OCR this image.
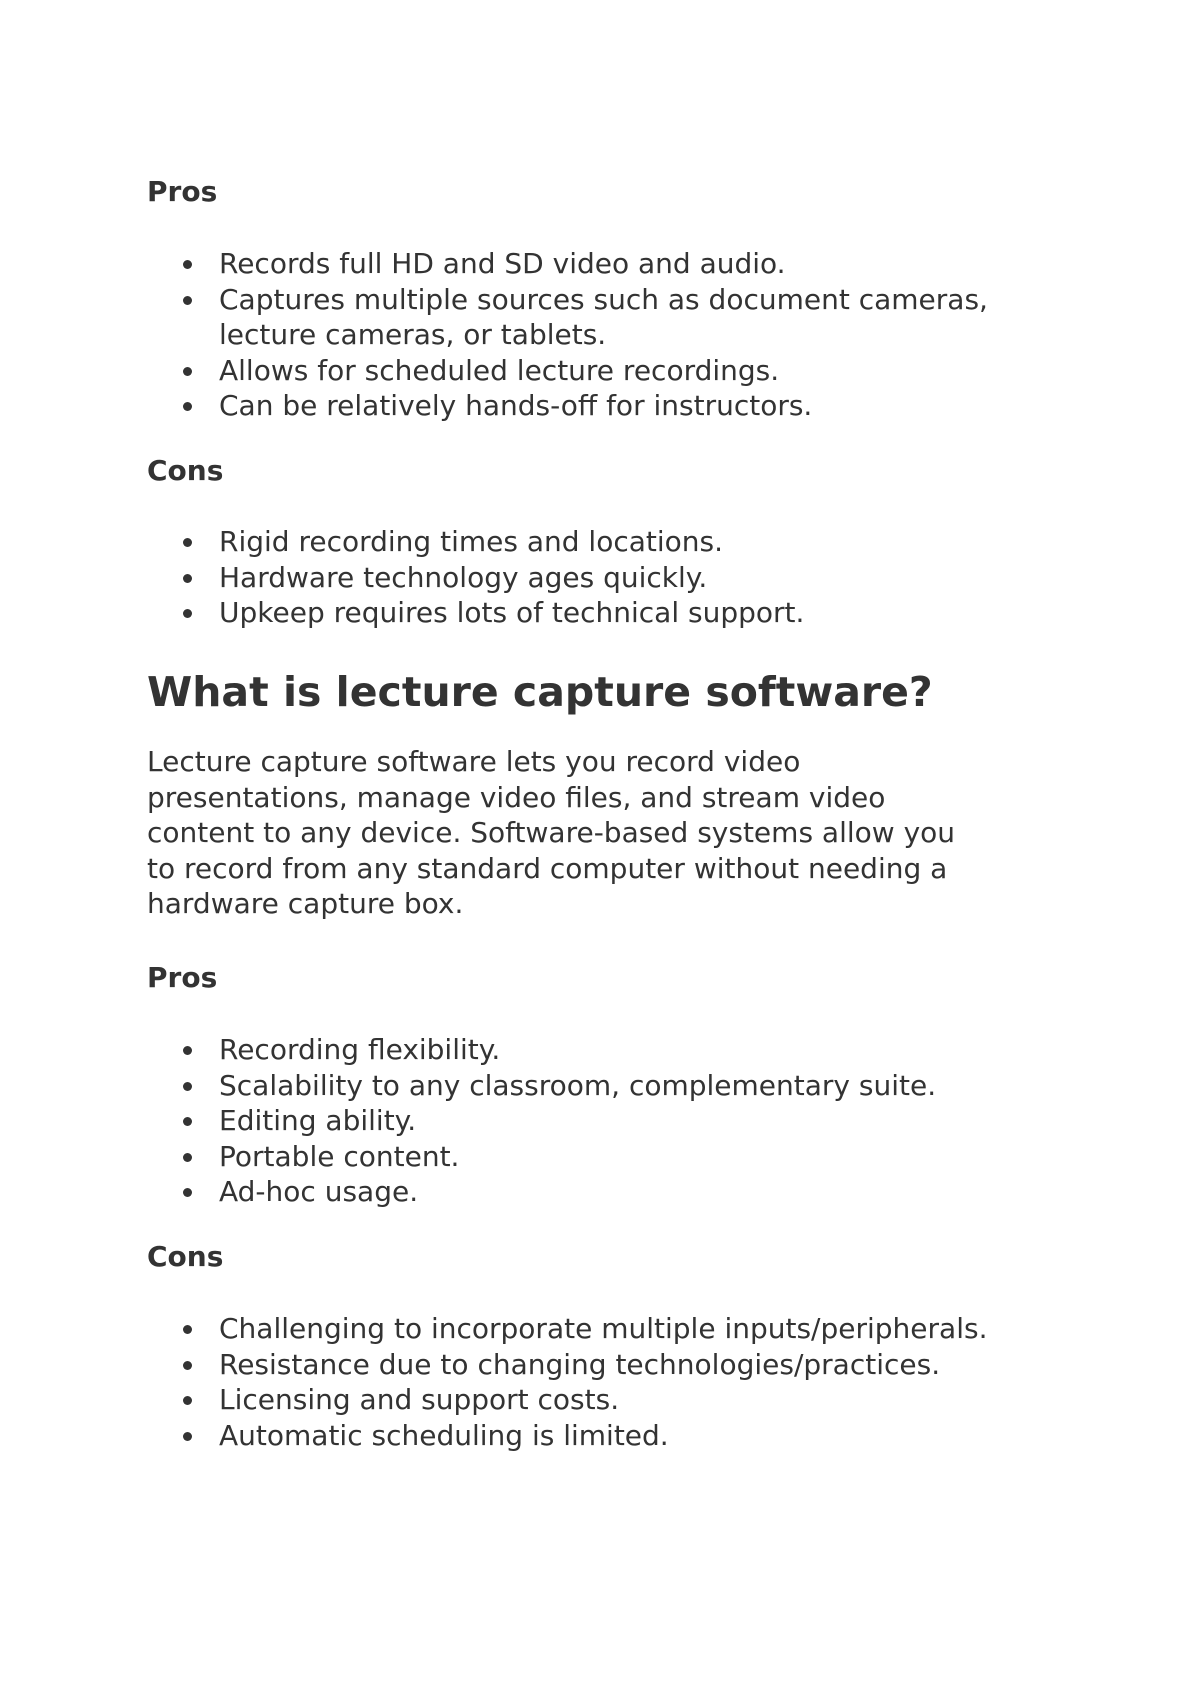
Pros
Records full HD and SD video and audio.
Captures multiple sources such as document cameras,
lecture cameras, or tablets.
Allows for scheduled lecture recordings.
Can be relatively hands-off for instructors.
Cons
Rigid recording times and locations.
Hardware technology ages quickly.
Upkeep requires lots of technical support.
What is lecture capture software?

Lecture capture software lets you record video
presentations, manage video files, and stream video
content to any device. Software-based systems allow you
to record from any standard computer without needing a
hardware capture box.

Pros
Recording flexibility.
Scalability to any classroom, complementary suite.
Editing ability.
Portable content.
Ad-hoc usage.
Cons
Challenging to incorporate multiple inputs/peripherals.
Resistance due to changing technologies/practices.
Licensing and support costs.
Automatic scheduling is limited.
